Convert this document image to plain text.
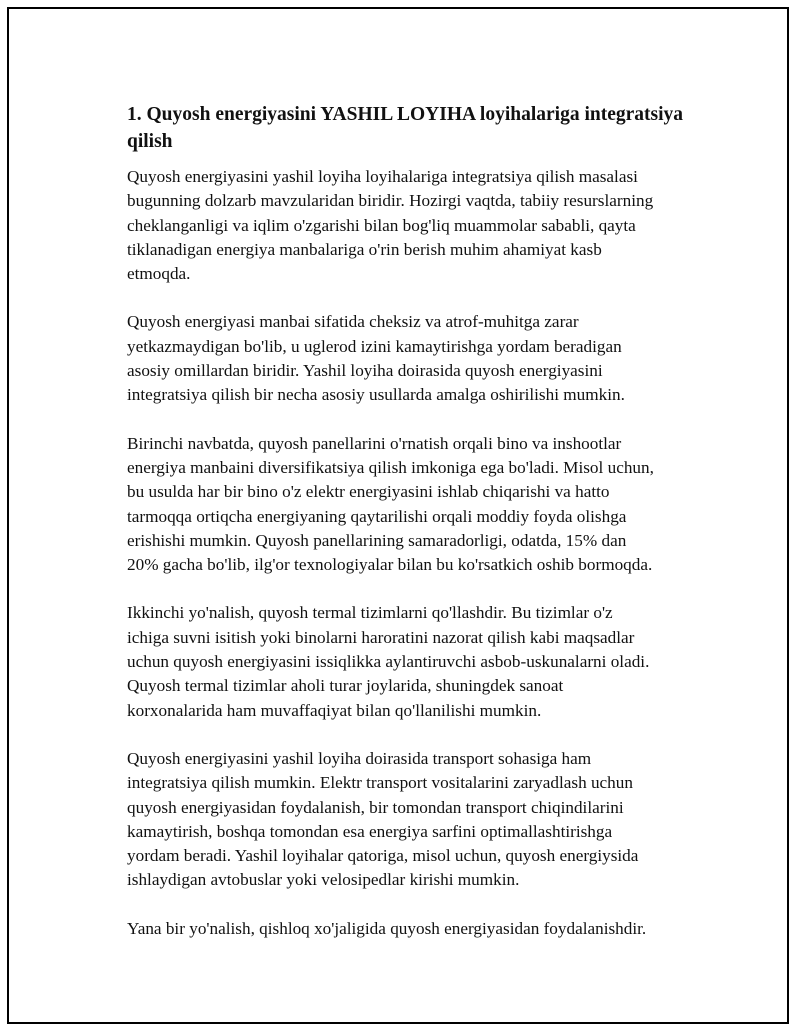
1. Quyosh energiyasini YASHIL LOYIHA loyihalariga integratsiya qilish

Quyosh energiyasini yashil loyiha loyihalariga integratsiya qilish masalasi
bugunning dolzarb mavzularidan biridir. Hozirgi vaqtda, tabiiy resurslarning
cheklanganligi va iqlim o'zgarishi bilan bog'liq muammolar sababli, qayta
tiklanadigan energiya manbalariga o'rin berish muhim ahamiyat kasb
etmoqda.

Quyosh energiyasi manbai sifatida cheksiz va atrof-muhitga zarar
yetkazmaydigan bo'lib, u uglerod izini kamaytirishga yordam beradigan
asosiy omillardan biridir. Yashil loyiha doirasida quyosh energiyasini
integratsiya qilish bir necha asosiy usullarda amalga oshirilishi mumkin.

Birinchi navbatda, quyosh panellarini o'rnatish orqali bino va inshootlar
energiya manbaini diversifikatsiya qilish imkoniga ega bo'ladi. Misol uchun,
bu usulda har bir bino o'z elektr energiyasini ishlab chiqarishi va hatto
tarmoqqa ortiqcha energiyaning qaytarilishi orqali moddiy foyda olishga
erishishi mumkin. Quyosh panellarining samaradorligi, odatda, 15% dan
20% gacha bo'lib, ilg'or texnologiyalar bilan bu ko'rsatkich oshib bormoqda.

Ikkinchi yo'nalish, quyosh termal tizimlarni qo'llashdir. Bu tizimlar o'z
ichiga suvni isitish yoki binolarni haroratini nazorat qilish kabi maqsadlar
uchun quyosh energiyasini issiqlikka aylantiruvchi asbob-uskunalarni oladi.
Quyosh termal tizimlar aholi turar joylarida, shuningdek sanoat
korxonalarida ham muvaffaqiyat bilan qo'llanilishi mumkin.

Quyosh energiyasini yashil loyiha doirasida transport sohasiga ham
integratsiya qilish mumkin. Elektr transport vositalarini zaryadlash uchun
quyosh energiyasidan foydalanish, bir tomondan transport chiqindilarini
kamaytirish, boshqa tomondan esa energiya sarfini optimallashtirishga
yordam beradi. Yashil loyihalar qatoriga, misol uchun, quyosh energiysida
ishlaydigan avtobuslar yoki velosipedlar kirishi mumkin.

Yana bir yo'nalish, qishloq xo'jaligida quyosh energiyasidan foydalanishdir.
